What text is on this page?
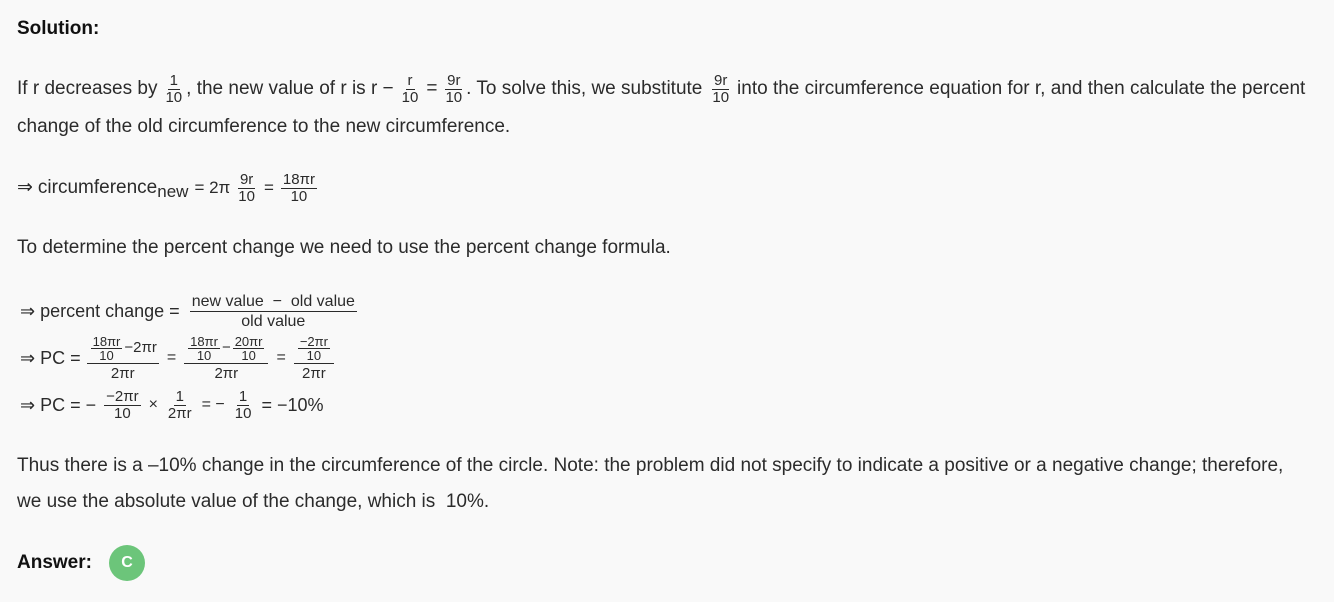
Solution:
If r decreases by $\frac{1}{10}$ , the new value of r is $r - \frac{r}{10} = \frac{9r}{10}$ . To solve this, we substitute $\frac{9r}{10}$ into the circumference equation for r, and then calculate the percent
change of the old circumference to the new circumference.
⇒ circumference new = $2\pi \frac{9r}{10} = \frac{18\pi r}{10}$
To determine the percent change we need to use the percent change formula.
⇒ percent change = $\frac{\text{new value  −  old value}}{\text{old value}}$
⇒ PC = $\frac{\frac{18\pi r}{10} -2\pi r}{2\pi r} = \frac{18\pi r}{10} - \frac{20\pi r}{10}$
2πr
= $\frac{\frac{-2\pi r}{10}}{2\pi r}$
⇒ PC = − $\frac{-2\pi r}{10} \times \frac{1}{2\pi r}$ = − $\frac{1}{10} = -10\%$
Thus there is a –10% change in the circumference of the circle. Note: the problem did not specify to indicate a positive or a negative change; therefore,
we use the absolute value of the change, which is  10%.
Answer:	C
